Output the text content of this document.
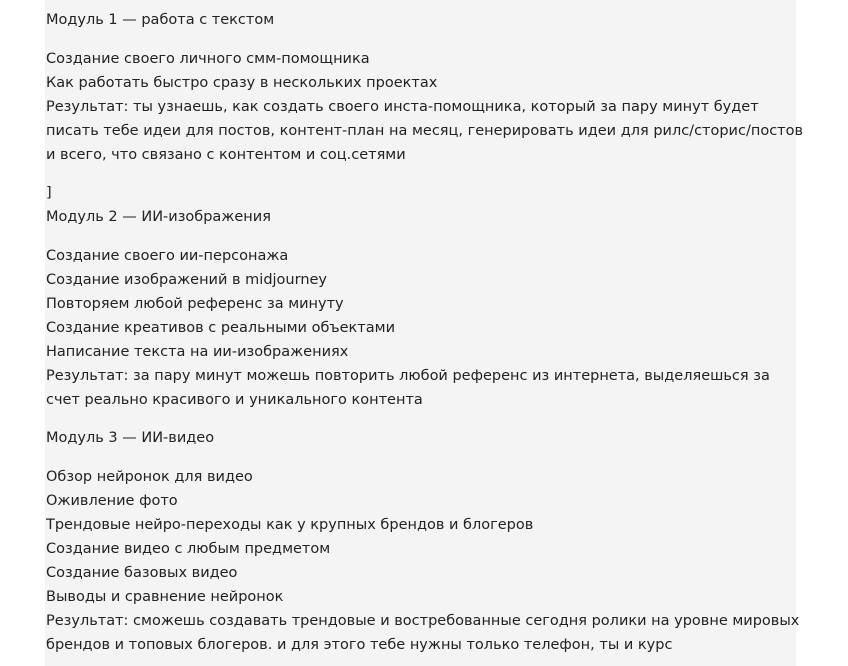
Модуль 1 — работа с текстом
Создание своего личного смм-помощника
Как работать быстро сразу в нескольких проектах

Результат: ты узнаешь, как создать своего инста-помощника, который за пару минут будет
писать тебе идеи для постов, контент-план на месяц, генерировать идеи для рилс/сторис/постов
и всего, что связано с контентом и соц.сетями

]
Модуль 2 — ИИ-изображения
Создание своего ии-персонажа
Создание изображений в midjourney
Повторяем любой референс за минуту
Создание креативов с реальными объектами
Написание текста на ии-изображениях

Результат: за пару минут можешь повторить любой референс из интернета, выделяешься за
счет реально красивого и уникального контента

Модуль 3 — ИИ-видео
Обзор нейронок для видео
Оживление фото
Трендовые нейро-переходы как у крупных брендов и блогеров
Создание видео с любым предметом
Создание базовых видео
Выводы и сравнение нейронок

Результат: сможешь создавать трендовые и востребованные сегодня ролики на уровне мировых
брендов и топовых блогеров. и для этого тебе нужны только телефон, ты и курс
